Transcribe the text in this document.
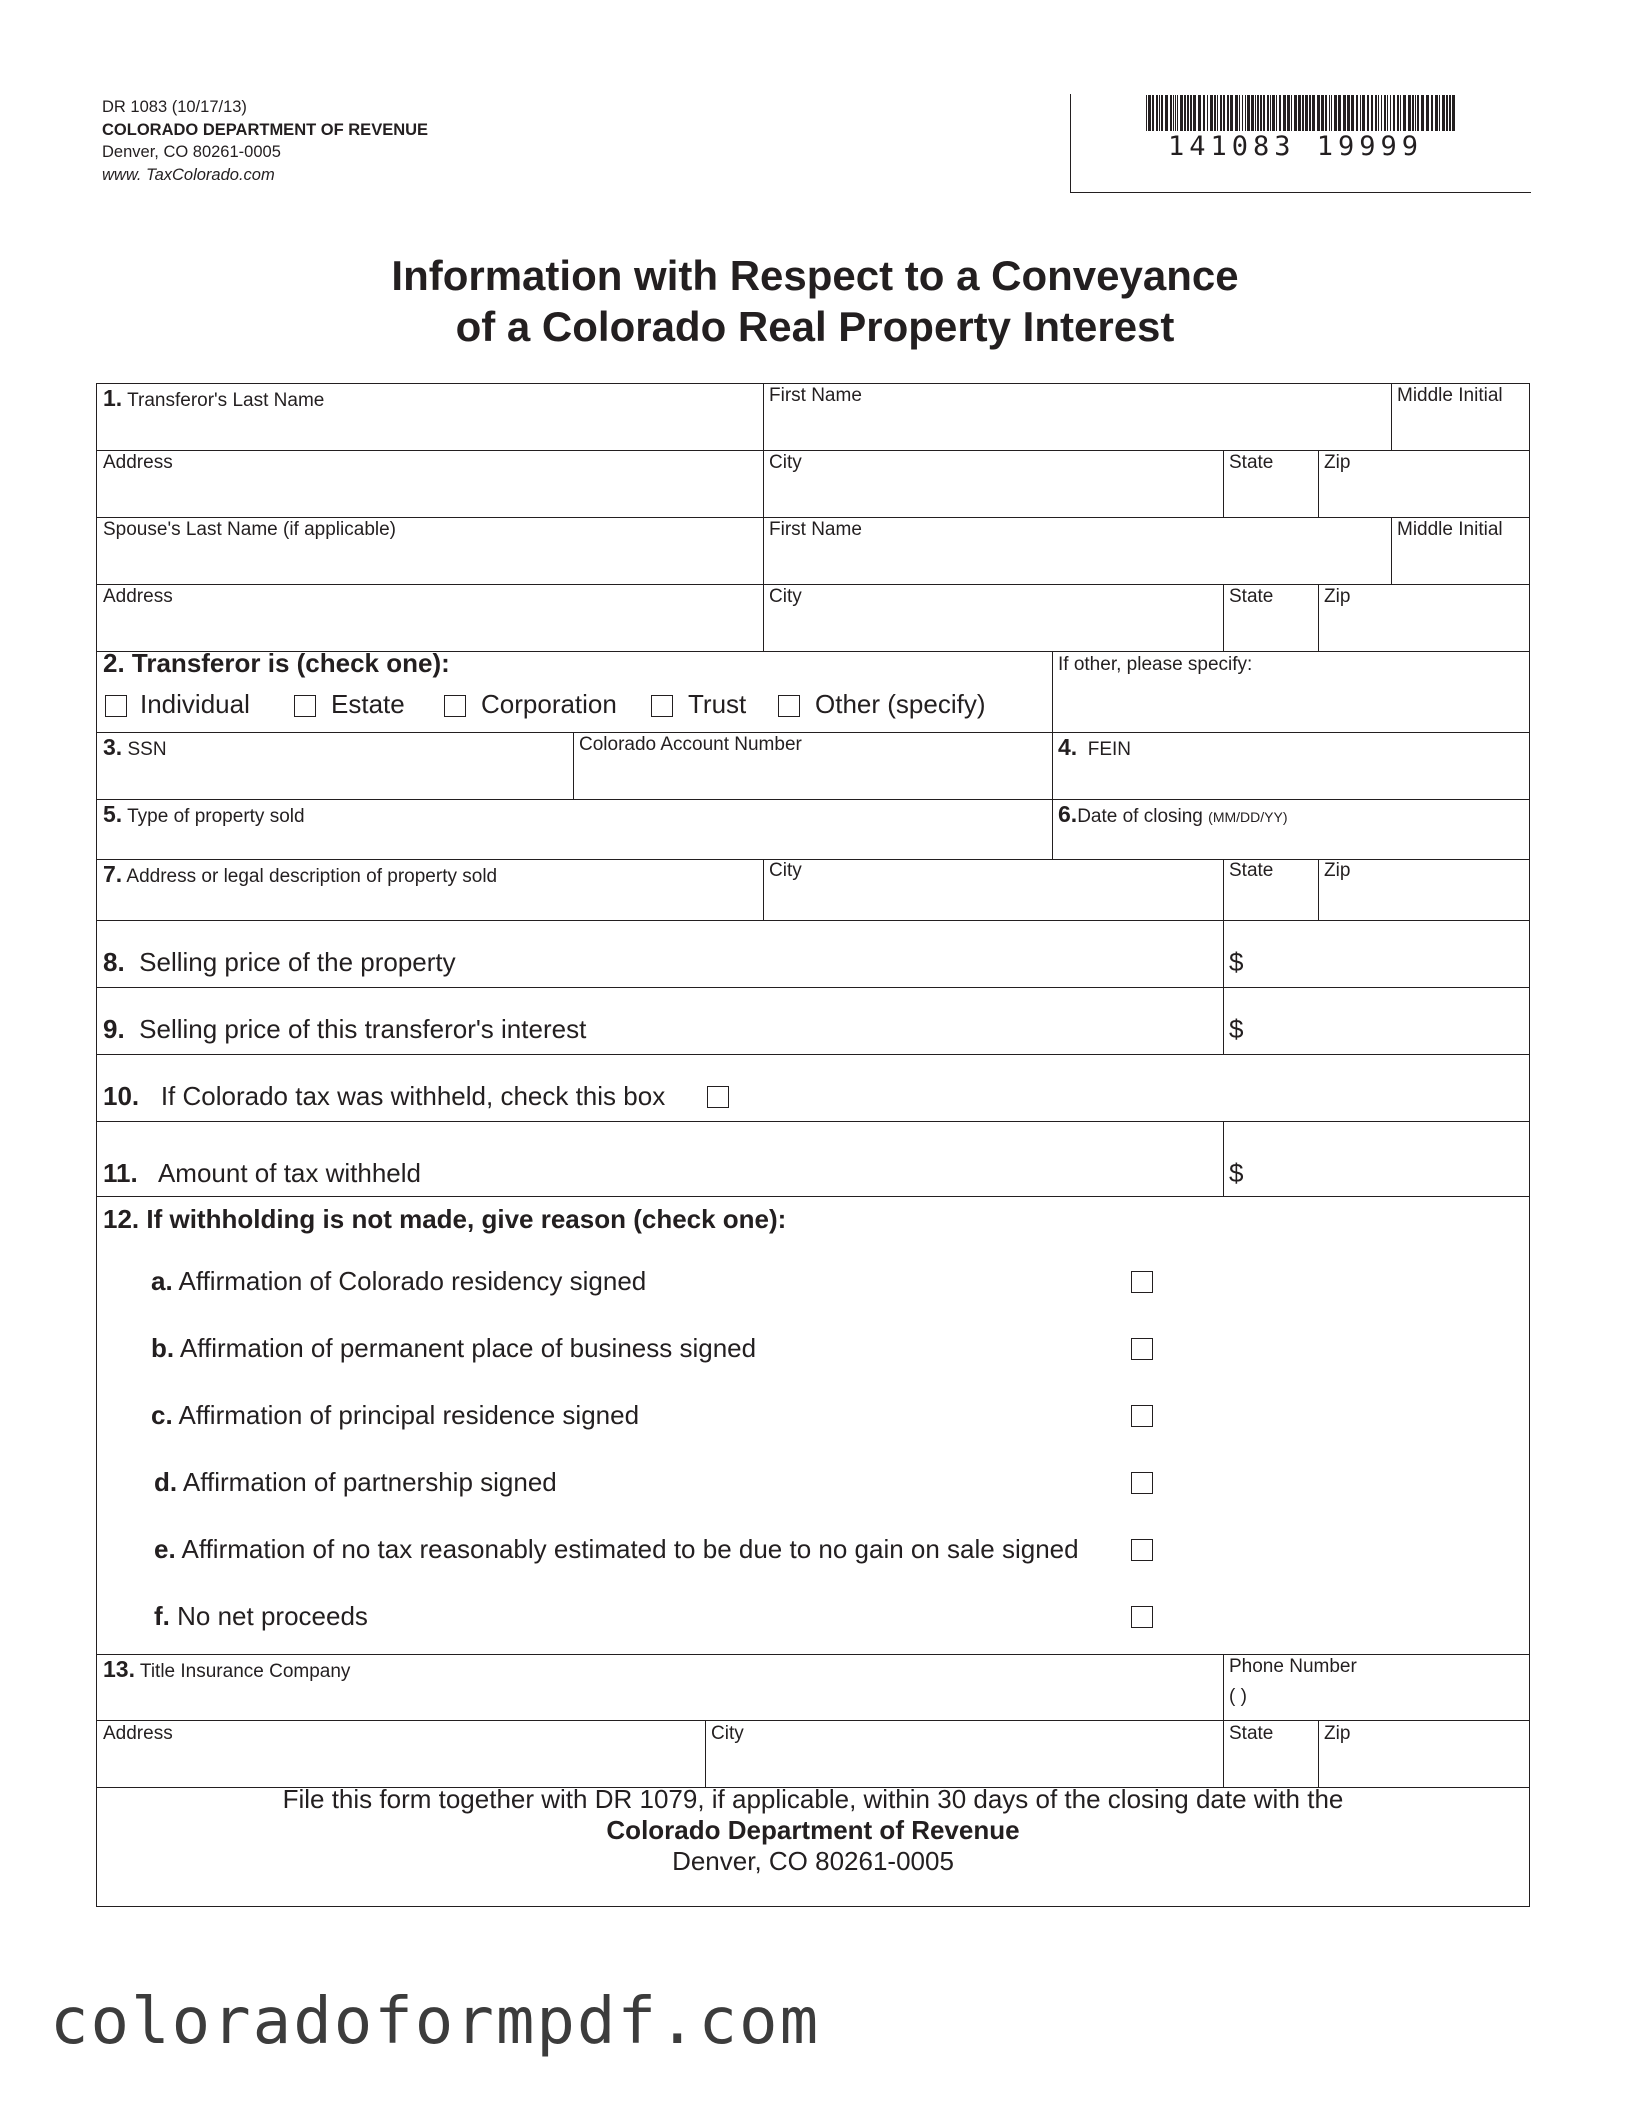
DR 1083 (10/17/13)
COLORADO DEPARTMENT OF REVENUE
Denver, CO 80261-0005
www. TaxColorado.com
141083 19999
Information with Respect to a Conveyance
of a Colorado Real Property Interest
1. Transferor's Last Name	First Name	Middle Initial
Address	City	State	Zip
Spouse's Last Name (if applicable)	First Name	Middle Initial
Address	City	State	Zip
2. Transferor is (check one):	If other, please specify:
Individual	Estate	Corporation	Trust	Other (specify)
3. SSN	Colorado Account Number	4. FEIN
5. Type of property sold	6.Date of closing (MM/DD/YY)
7. Address or legal description of property sold	City	State	Zip
8. Selling price of the property	$
9. Selling price of this transferor's interest	$
10. If Colorado tax was withheld, check this box
11. Amount of tax withheld	$
12. If withholding is not made, give reason (check one):
a. Affirmation of Colorado residency signed
b. Affirmation of permanent place of business signed
c. Affirmation of principal residence signed
d. Affirmation of partnership signed
e. Affirmation of no tax reasonably estimated to be due to no gain on sale signed
f. No net proceeds
13. Title Insurance Company	Phone Number
( )
Address	City	State	Zip
File this form together with DR 1079, if applicable, within 30 days of the closing date with the
Colorado Department of Revenue
Denver, CO 80261-0005
coloradoformpdf.com
